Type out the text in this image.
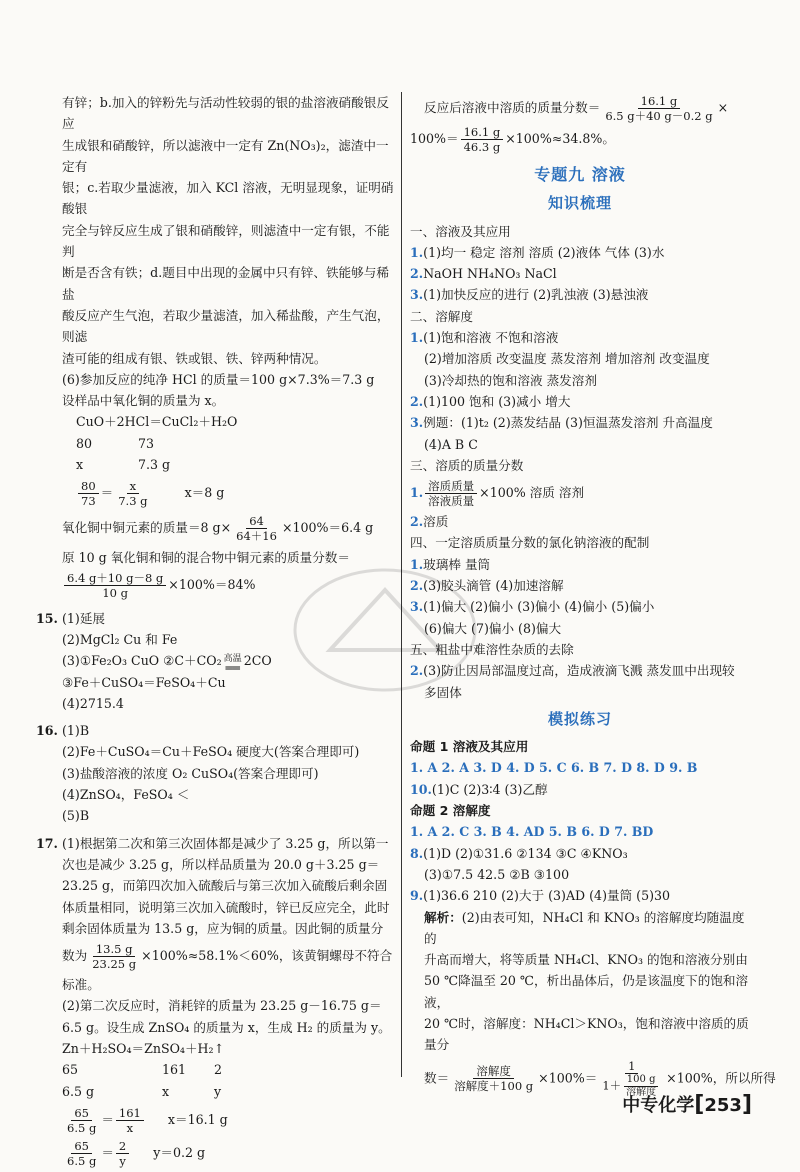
有锌；b.加入的锌粉先与活动性较弱的银的盐溶液硝酸银反应

生成银和硝酸锌，所以滤液中一定有 Zn(NO₃)₂，滤渣中一定有

银；c.若取少量滤液，加入 KCl 溶液，无明显现象，证明硝酸银

完全与锌反应生成了银和硝酸锌，则滤渣中一定有银，不能判

断是否含有铁；d.题目中出现的金属中只有锌、铁能够与稀盐

酸反应产生气泡，若取少量滤渣，加入稀盐酸，产生气泡，则滤

渣可能的组成有银、铁或银、铁、锌两种情况。

(6)参加反应的纯净 HCl 的质量＝100 g×7.3%＝7.3 g

设样品中氧化铜的质量为 x。

CuO＋2HCl＝CuCl₂＋H₂O

80	73
x	7.3 g
$\frac{80}{73} = \frac{x}{7.3 g}$	x＝8 g
氧化铜中铜元素的质量＝8 $g\times \frac{64}{64+16} \times 100\%=6.4$ g

原 10 g 氧化铜和铜的混合物中铜元素的质量分数＝

$\frac{6.4 g+10 g-8 g}{10 g} \times 100\%=84\%$
15. (1)延展

(2)MgCl₂ Cu 和 Fe

(3)①Fe₂O₃ CuO ②C＋CO₂ 高温
══ 2CO

③Fe＋CuSO₄＝FeSO₄＋Cu

(4)2715.4

16. (1)B

(2)Fe＋CuSO₄＝Cu＋FeSO₄ 硬度大(答案合理即可)

(3)盐酸溶液的浓度 O₂ CuSO₄(答案合理即可)

(4)ZnSO₄，FeSO₄ ＜

(5)B

17. (1)根据第二次和第三次固体都是减少了 3.25 g，所以第一

次也是减少 3.25 g，所以样品质量为 20.0 g＋3.25 g＝

23.25 g，而第四次加入硫酸后与第三次加入硫酸后剩余固

体质量相同，说明第三次加入硫酸时，锌已反应完全，此时

剩余固体质量为 13.5 g，应为铜的质量。因此铜的质量分

数为 $\frac{13.5 g}{23.25 g} \times 100\%\approx 58.1\%<60\%$，该黄铜螺母不符合

标准。

(2)第二次反应时，消耗锌的质量为 23.25 g－16.75 g＝

6.5 g。设生成 ZnSO₄ 的质量为 x，生成 H₂ 的质量为 y。

Zn＋H₂SO₄＝ZnSO₄＋H₂↑

65	161	2
6.5 g	x	y
$\frac{65}{6.5 g} = \frac{161}{x} x=16.1$ g
$\frac{65}{6.5 g} = \frac{2}{y} y=0.2$ g
反应后溶液中溶质的质量分数＝ $\frac{16.1 g}{6.5 g+40 g-0.2 g}$ ×
$100\%= \frac{16.1 g}{46.3 g} \times 100\%\approx 34.8\%$。
专题九 溶液
知识梳理

一、溶液及其应用

1.(1)均一 稳定 溶剂 溶质 (2)液体 气体 (3)水

2.NaOH NH₄NO₃ NaCl

3.(1)加快反应的进行 (2)乳浊液 (3)悬浊液

二、溶解度

1.(1)饱和溶液 不饱和溶液

(2)增加溶质 改变温度 蒸发溶剂 增加溶剂 改变温度

(3)冷却热的饱和溶液 蒸发溶剂

2.(1)100 饱和 (3)减小 增大

3.例题：(1)t₂ (2)蒸发结晶 (3)恒温蒸发溶剂 升高温度

(4)A B C

三、溶质的质量分数

1. $\frac{\text{溶质质量}}{\text{溶液质量}} \times 100\%$ 溶质 溶剂

2.溶质

四、一定溶质质量分数的氯化钠溶液的配制

1.玻璃棒 量筒

2.(3)胶头滴管 (4)加速溶解

3.(1)偏大 (2)偏小 (3)偏小 (4)偏小 (5)偏小

(6)偏大 (7)偏小 (8)偏大

五、粗盐中难溶性杂质的去除

2.(3)防止因局部温度过高，造成液滴飞溅 蒸发皿中出现较

多固体

模拟练习

命题 1 溶液及其应用

1. A 2. A 3. D 4. D 5. C 6. B 7. D 8. D 9. B

10.(1)C (2)3∶4 (3)乙醇

命题 2 溶解度

1. A 2. C 3. B 4. AD 5. B 6. D 7. BD

8.(1)D (2)①31.6 ②134 ③C ④KNO₃

(3)①7.5 42.5 ②B ③100

9.(1)36.6 210 (2)大于 (3)AD (4)量筒 (5)30

解析：(2)由表可知，NH₄Cl 和 KNO₃ 的溶解度均随温度的

升高而增大，将等质量 NH₄Cl、KNO₃ 的饱和溶液分别由

50 ℃降温至 20 ℃，析出晶体后，仍是该温度下的饱和溶液，

20 ℃时，溶解度：NH₄Cl＞KNO₃，饱和溶液中溶质的质量分

数＝ $\frac{\text{溶解度}}{\text{溶解度＋100 g}} \times 100\%= \frac{1}{1+ \frac{100 g}{\text{溶解度}}} \times 100\%$，所以所得
中专化学[253]
